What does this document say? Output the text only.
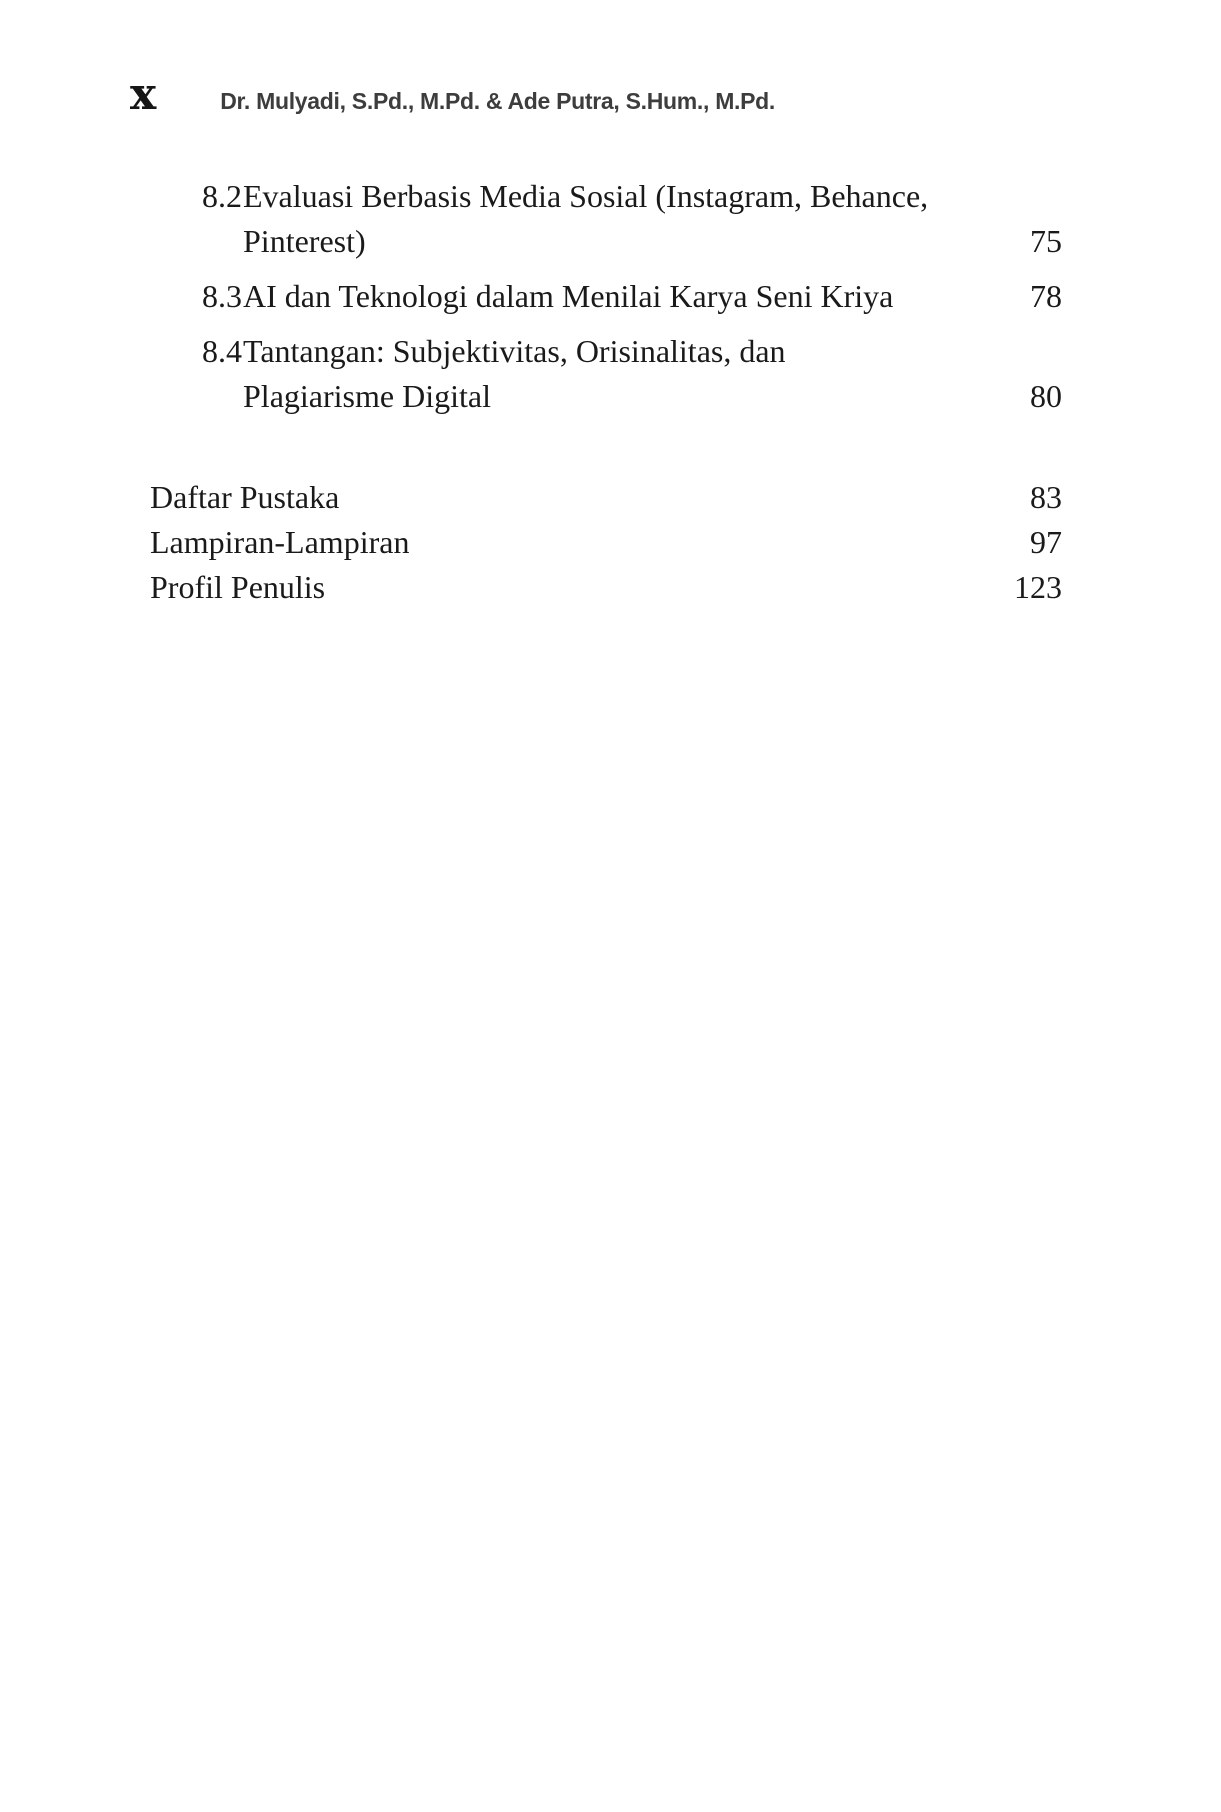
x	Dr. Mulyadi, S.Pd., M.Pd. & Ade Putra, S.Hum., M.Pd.
8.2 Evaluasi Berbasis Media Sosial (Instagram, Behance,
Pinterest)	75
8.3 AI dan Teknologi dalam Menilai Karya Seni Kriya	78
8.4 Tantangan: Subjektivitas, Orisinalitas, dan
Plagiarisme Digital	80
Daftar Pustaka	83
Lampiran-Lampiran	97
Profil Penulis	123
